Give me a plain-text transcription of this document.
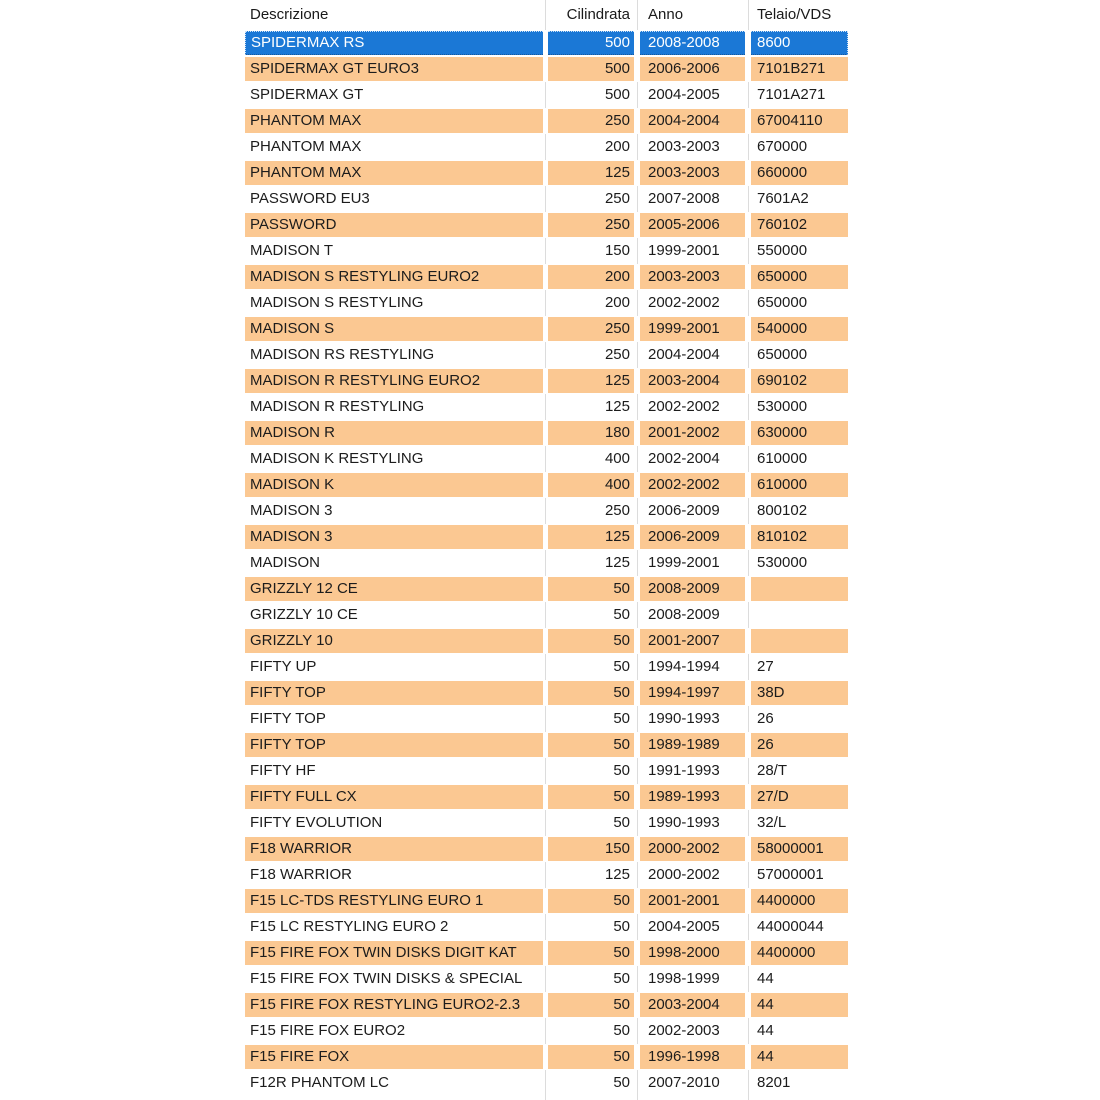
Descrizione	Cilindrata	Anno	Telaio/VDS
SPIDERMAX RS	500	2008-2008	8600
SPIDERMAX GT EURO3	500	2006-2006	7101B271
SPIDERMAX GT	500	2004-2005	7101A271
PHANTOM MAX	250	2004-2004	67004110
PHANTOM MAX	200	2003-2003	670000
PHANTOM MAX	125	2003-2003	660000
PASSWORD EU3	250	2007-2008	7601A2
PASSWORD	250	2005-2006	760102
MADISON T	150	1999-2001	550000
MADISON S RESTYLING EURO2	200	2003-2003	650000
MADISON S RESTYLING	200	2002-2002	650000
MADISON S	250	1999-2001	540000
MADISON RS RESTYLING	250	2004-2004	650000
MADISON R RESTYLING EURO2	125	2003-2004	690102
MADISON R RESTYLING	125	2002-2002	530000
MADISON R	180	2001-2002	630000
MADISON K RESTYLING	400	2002-2004	610000
MADISON K	400	2002-2002	610000
MADISON 3	250	2006-2009	800102
MADISON 3	125	2006-2009	810102
MADISON	125	1999-2001	530000
GRIZZLY 12 CE	50	2008-2009
GRIZZLY 10 CE	50	2008-2009
GRIZZLY 10	50	2001-2007
FIFTY UP	50	1994-1994	27
FIFTY TOP	50	1994-1997	38D
FIFTY TOP	50	1990-1993	26
FIFTY TOP	50	1989-1989	26
FIFTY HF	50	1991-1993	28/T
FIFTY FULL CX	50	1989-1993	27/D
FIFTY EVOLUTION	50	1990-1993	32/L
F18 WARRIOR	150	2000-2002	58000001
F18 WARRIOR	125	2000-2002	57000001
F15 LC-TDS RESTYLING EURO 1	50	2001-2001	4400000
F15 LC RESTYLING EURO 2	50	2004-2005	44000044
F15 FIRE FOX TWIN DISKS DIGIT KAT	50	1998-2000	4400000
F15 FIRE FOX TWIN DISKS & SPECIAL	50	1998-1999	44
F15 FIRE FOX RESTYLING EURO2-2.3	50	2003-2004	44
F15 FIRE FOX EURO2	50	2002-2003	44
F15 FIRE FOX	50	1996-1998	44
F12R PHANTOM LC	50	2007-2010	8201
